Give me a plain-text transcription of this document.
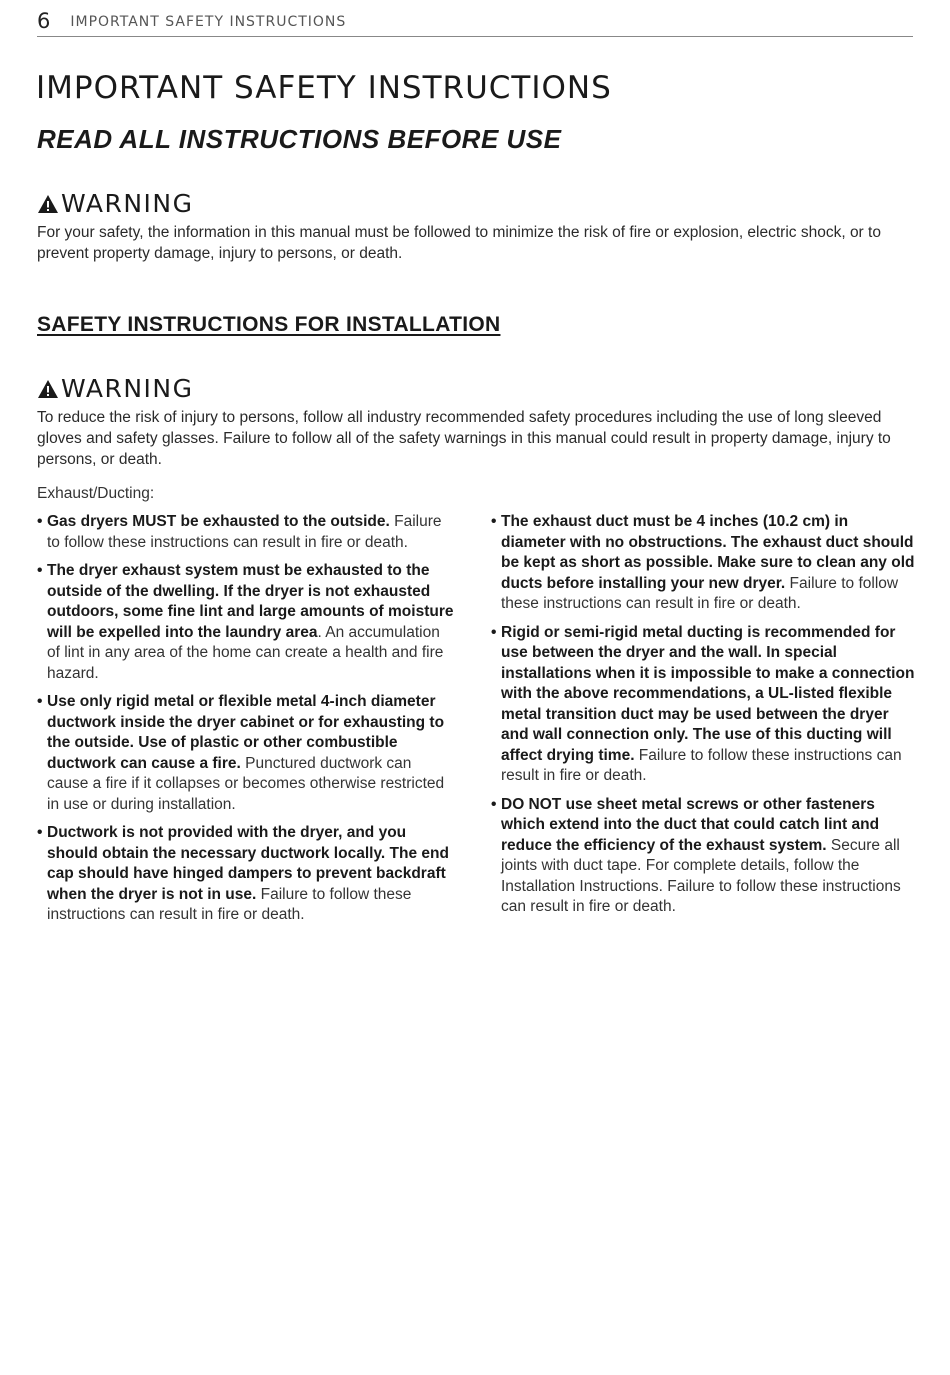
6 IMPORTANT SAFETY INSTRUCTIONS
IMPORTANT SAFETY INSTRUCTIONS
READ ALL INSTRUCTIONS BEFORE USE
WARNING

For your safety, the information in this manual must be followed to minimize the risk of fire or explosion, electric shock, or to prevent property damage, injury to persons, or death.

SAFETY INSTRUCTIONS FOR INSTALLATION
WARNING

To reduce the risk of injury to persons, follow all industry recommended safety procedures including the use of long sleeved gloves and safety glasses. Failure to follow all of the safety warnings in this manual could result in property damage, injury to persons, or death.

Exhaust/Ducting:
• Gas dryers MUST be exhausted to the outside. Failure to follow these instructions can result in fire or death.
• The dryer exhaust system must be exhausted to the outside of the dwelling. If the dryer is not exhausted outdoors, some fine lint and large amounts of moisture will be expelled into the laundry area. An accumulation of lint in any area of the home can create a health and fire hazard.
• Use only rigid metal or flexible metal 4-inch diameter ductwork inside the dryer cabinet or for exhausting to the outside. Use of plastic or other combustible ductwork can cause a fire. Punctured ductwork can cause a fire if it collapses or becomes otherwise restricted in use or during installation.
• Ductwork is not provided with the dryer, and you should obtain the necessary ductwork locally. The end cap should have hinged dampers to prevent backdraft when the dryer is not in use. Failure to follow these instructions can result in fire or death.
• The exhaust duct must be 4 inches (10.2 cm) in diameter with no obstructions. The exhaust duct should be kept as short as possible. Make sure to clean any old ducts before installing your new dryer. Failure to follow these instructions can result in fire or death.
• Rigid or semi-rigid metal ducting is recommended for use between the dryer and the wall. In special installations when it is impossible to make a connection with the above recommendations, a UL-listed flexible metal transition duct may be used between the dryer and wall connection only. The use of this ducting will affect drying time. Failure to follow these instructions can result in fire or death.
• DO NOT use sheet metal screws or other fasteners which extend into the duct that could catch lint and reduce the efficiency of the exhaust system. Secure all joints with duct tape. For complete details, follow the Installation Instructions. Failure to follow these instructions can result in fire or death.
